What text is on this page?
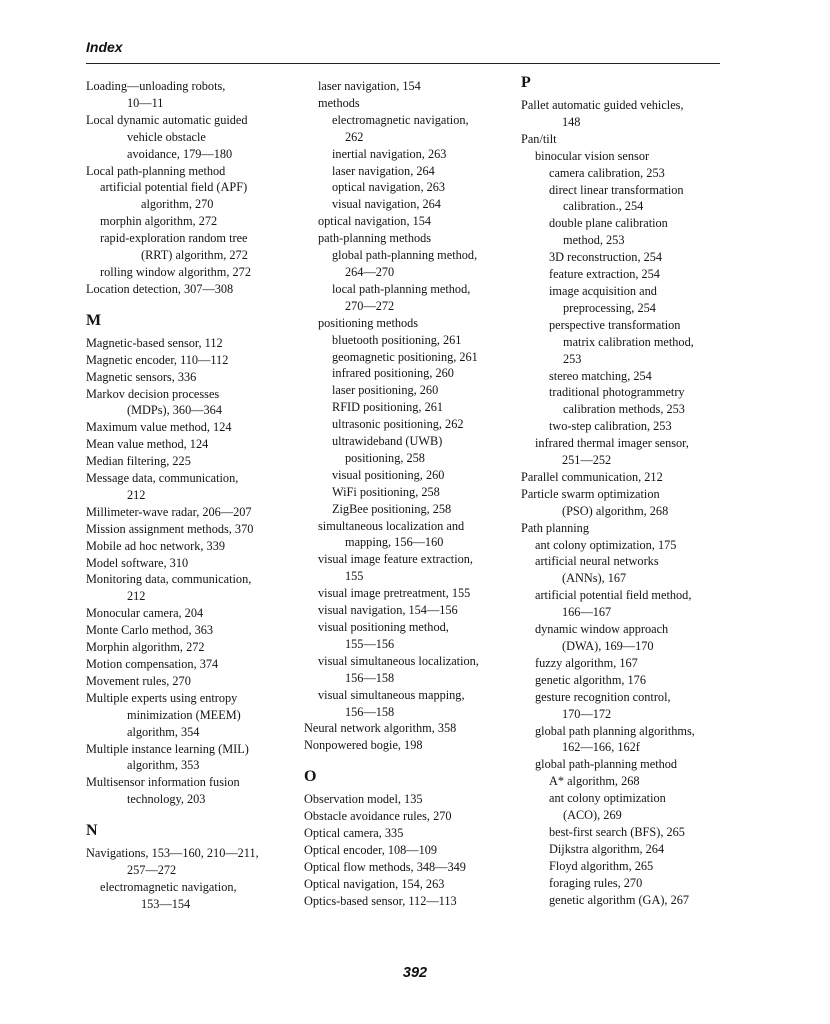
Index
Loading—unloading robots,
10—11
Local dynamic automatic guided
vehicle obstacle
avoidance, 179—180
Local path-planning method
artificial potential field (APF)
algorithm, 270
morphin algorithm, 272
rapid-exploration random tree
(RRT) algorithm, 272
rolling window algorithm, 272
Location detection, 307—308
M
Magnetic-based sensor, 112
Magnetic encoder, 110—112
Magnetic sensors, 336
Markov decision processes
(MDPs), 360—364
Maximum value method, 124
Mean value method, 124
Median filtering, 225
Message data, communication,
212
Millimeter-wave radar, 206—207
Mission assignment methods, 370
Mobile ad hoc network, 339
Model software, 310
Monitoring data, communication,
212
Monocular camera, 204
Monte Carlo method, 363
Morphin algorithm, 272
Motion compensation, 374
Movement rules, 270
Multiple experts using entropy
minimization (MEEM)
algorithm, 354
Multiple instance learning (MIL)
algorithm, 353
Multisensor information fusion
technology, 203
N
Navigations, 153—160, 210—211,
257—272
electromagnetic navigation,
153—154
laser navigation, 154
methods
electromagnetic navigation,
262
inertial navigation, 263
laser navigation, 264
optical navigation, 263
visual navigation, 264
optical navigation, 154
path-planning methods
global path-planning method,
264—270
local path-planning method,
270—272
positioning methods
bluetooth positioning, 261
geomagnetic positioning, 261
infrared positioning, 260
laser positioning, 260
RFID positioning, 261
ultrasonic positioning, 262
ultrawideband (UWB)
positioning, 258
visual positioning, 260
WiFi positioning, 258
ZigBee positioning, 258
simultaneous localization and
mapping, 156—160
visual image feature extraction,
155
visual image pretreatment, 155
visual navigation, 154—156
visual positioning method,
155—156
visual simultaneous localization,
156—158
visual simultaneous mapping,
156—158
Neural network algorithm, 358
Nonpowered bogie, 198
O
Observation model, 135
Obstacle avoidance rules, 270
Optical camera, 335
Optical encoder, 108—109
Optical flow methods, 348—349
Optical navigation, 154, 263
Optics-based sensor, 112—113
P
Pallet automatic guided vehicles,
148
Pan/tilt
binocular vision sensor
camera calibration, 253
direct linear transformation
calibration., 254
double plane calibration
method, 253
3D reconstruction, 254
feature extraction, 254
image acquisition and
preprocessing, 254
perspective transformation
matrix calibration method,
253
stereo matching, 254
traditional photogrammetry
calibration methods, 253
two-step calibration, 253
infrared thermal imager sensor,
251—252
Parallel communication, 212
Particle swarm optimization
(PSO) algorithm, 268
Path planning
ant colony optimization, 175
artificial neural networks
(ANNs), 167
artificial potential field method,
166—167
dynamic window approach
(DWA), 169—170
fuzzy algorithm, 167
genetic algorithm, 176
gesture recognition control,
170—172
global path planning algorithms,
162—166, 162f
global path-planning method
A* algorithm, 268
ant colony optimization
(ACO), 269
best-first search (BFS), 265
Dijkstra algorithm, 264
Floyd algorithm, 265
foraging rules, 270
genetic algorithm (GA), 267
392
